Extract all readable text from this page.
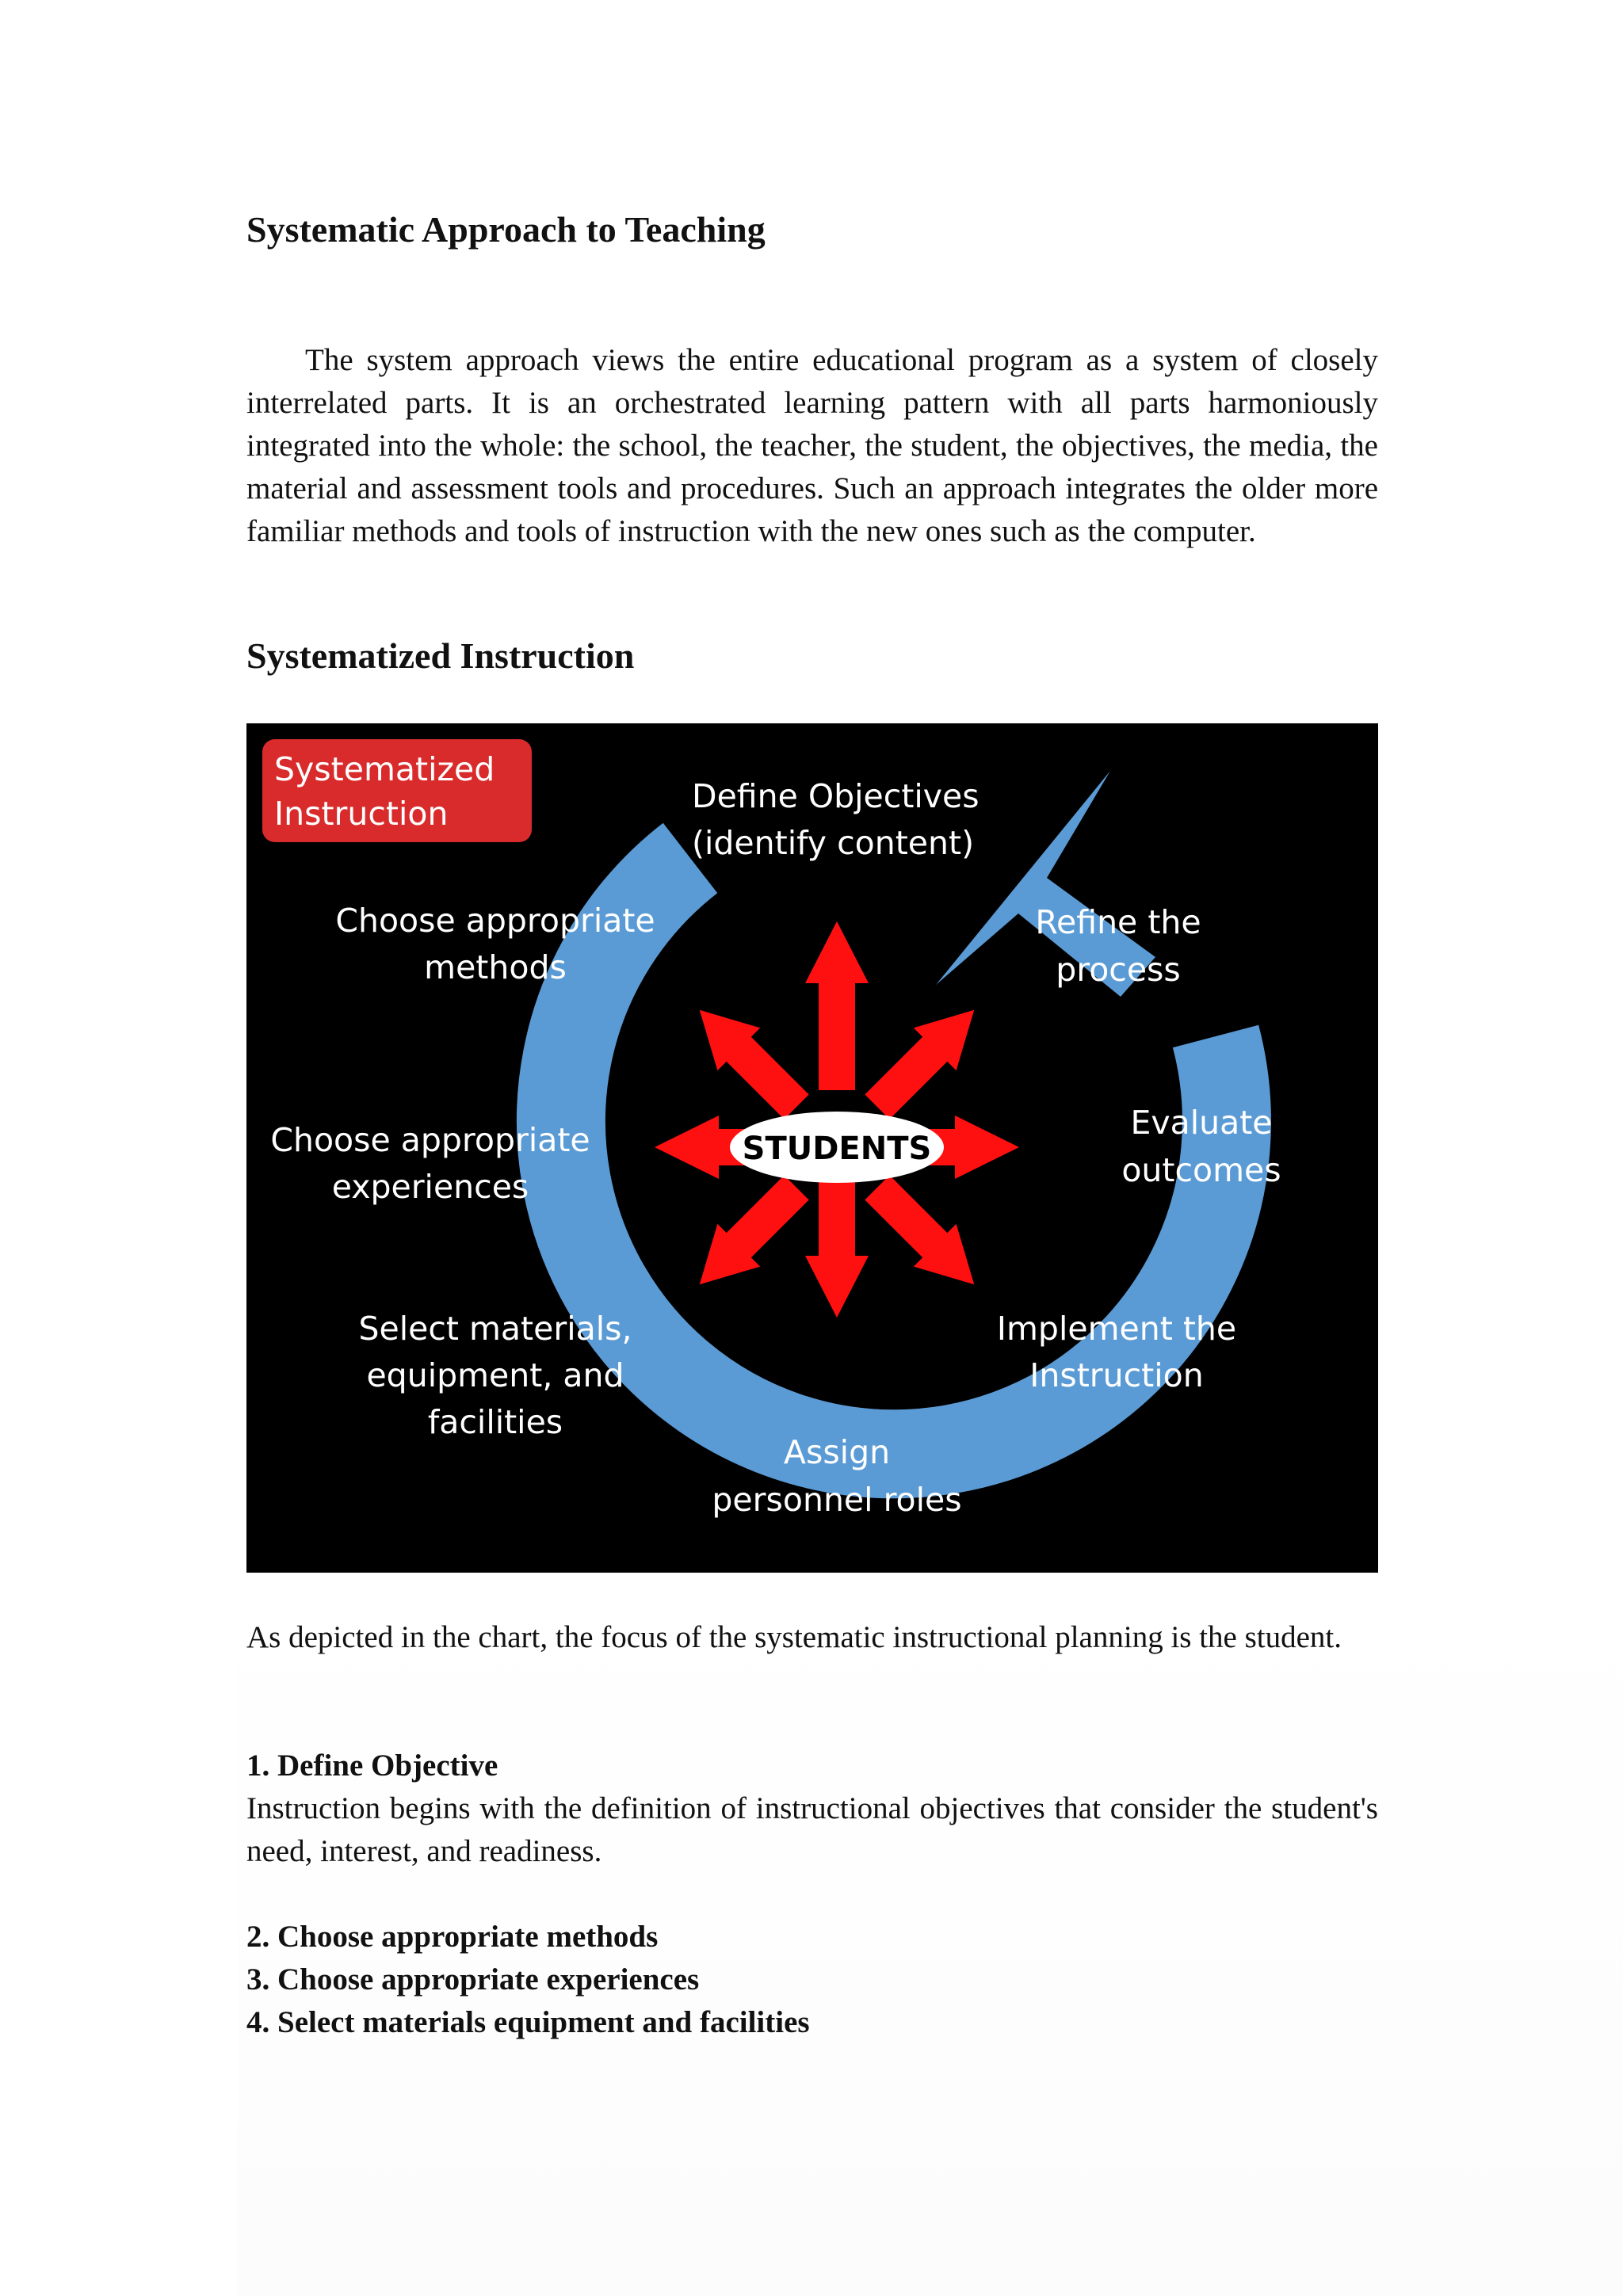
Systematic Approach to Teaching

The system approach views the entire educational program as a system of closely interrelated parts. It is an orchestrated learning pattern with all parts harmoniously integrated into the whole: the school, the teacher, the student, the objectives, the media, the material and assessment tools and procedures. Such an approach integrates the older more familiar methods and tools of instruction with the new ones such as the computer.

Systematized Instruction
STUDENTS
Systematized
Instruction	Define Objectives
(identify content)
Choose appropriate
methods
Refine the
process
Choose appropriate
experiences
Evaluate
outcomes
Select materials,
equipment, and
facilities
Implement the
Instruction
Assign
personnel roles

As depicted in the chart, the focus of the systematic instructional planning is the student.

1. Define Objective

Instruction begins with the definition of instructional objectives that consider the student's need, interest, and readiness.

2. Choose appropriate methods
3. Choose appropriate experiences
4. Select materials equipment and facilities
